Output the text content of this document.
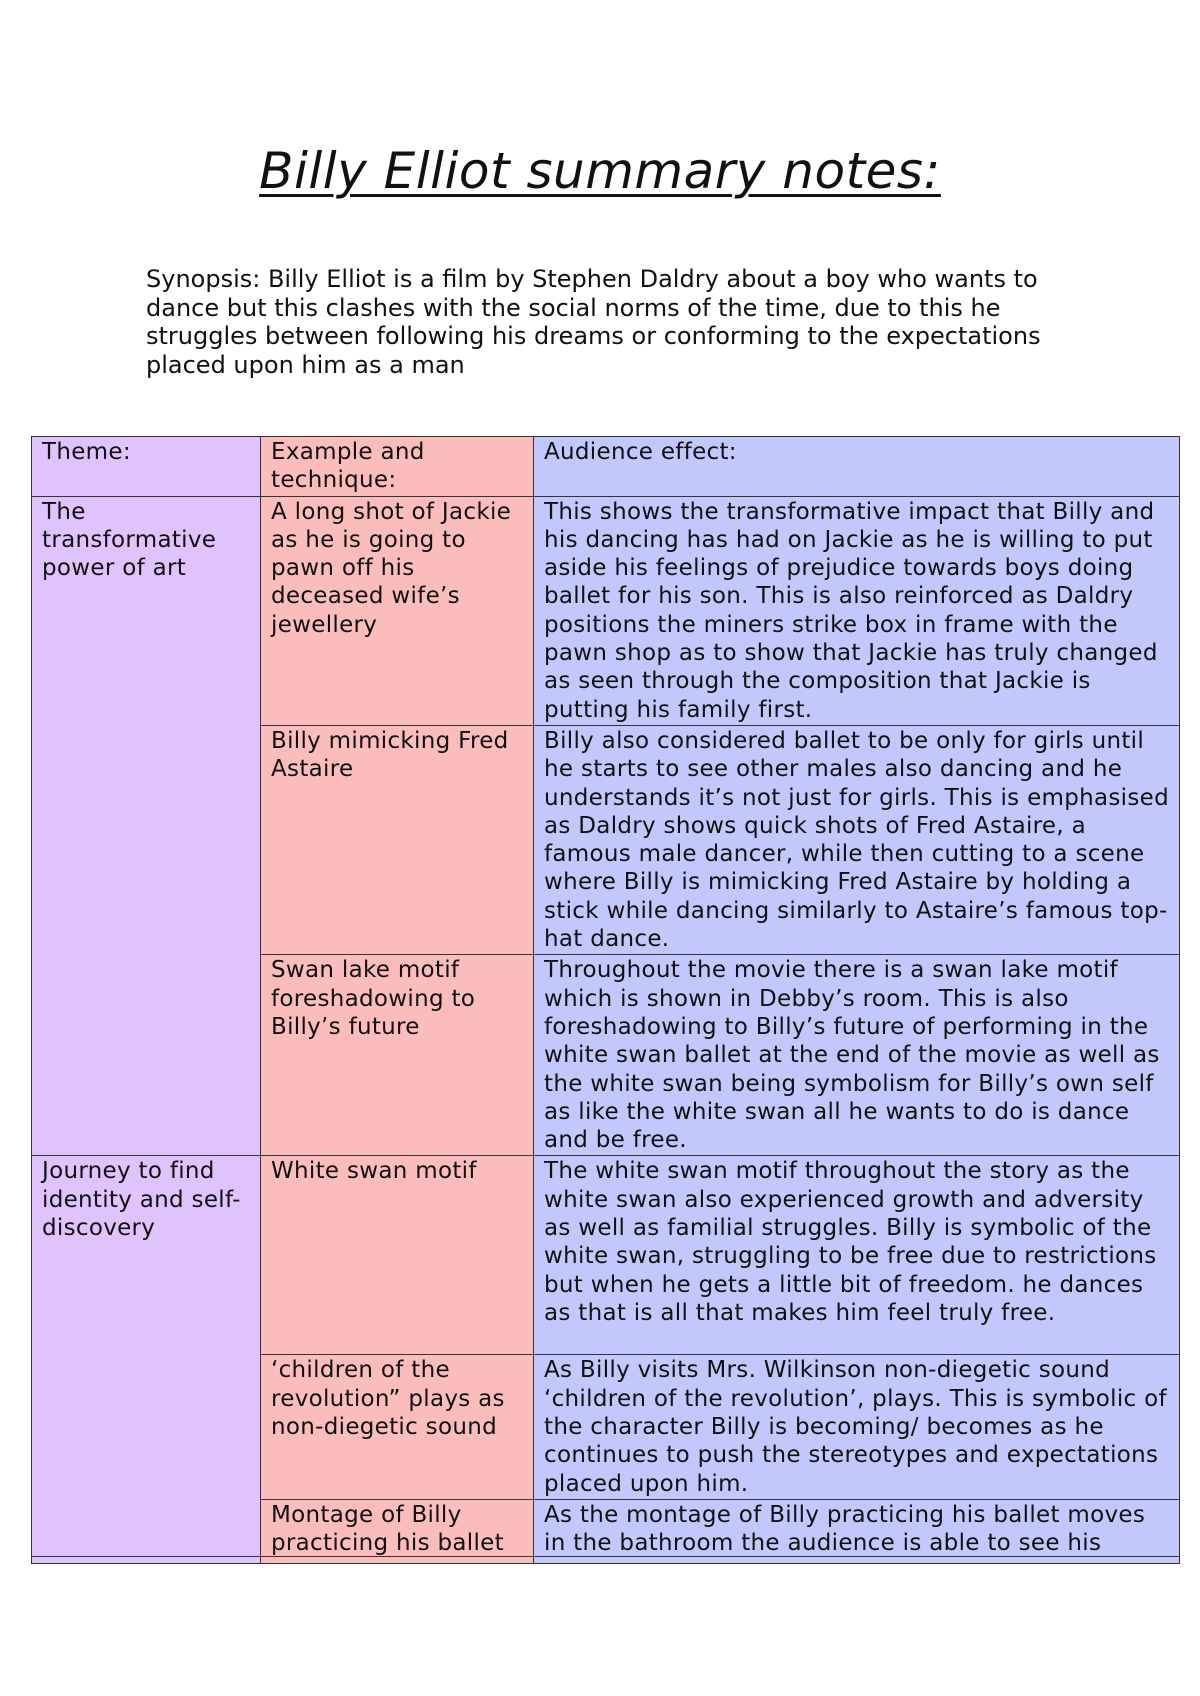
Billy Elliot summary notes:
Synopsis: Billy Elliot is a film by Stephen Daldry about a boy who wants to dance but this clashes with the social norms of the time, due to this he struggles between following his dreams or conforming to the expectations placed upon him as a man
Theme:	Example and technique:	Audience effect:
The transformative power of art	A long shot of Jackie as he is going to pawn off his deceased wife’s jewellery	This shows the transformative impact that Billy and his dancing has had on Jackie as he is willing to put aside his feelings of prejudice towards boys doing ballet for his son. This is also reinforced as Daldry positions the miners strike box in frame with the pawn shop as to show that Jackie has truly changed as seen through the composition that Jackie is putting his family first.
	Billy mimicking Fred Astaire	Billy also considered ballet to be only for girls until he starts to see other males also dancing and he understands it’s not just for girls. This is emphasised as Daldry shows quick shots of Fred Astaire, a famous male dancer, while then cutting to a scene where Billy is mimicking Fred Astaire by holding a stick while dancing similarly to Astaire’s famous top-hat dance.
	Swan lake motif foreshadowing to Billy’s future	Throughout the movie there is a swan lake motif which is shown in Debby’s room. This is also foreshadowing to Billy’s future of performing in the white swan ballet at the end of the movie as well as the white swan being symbolism for Billy’s own self as like the white swan all he wants to do is dance and be free.
Journey to find identity and self-discovery	White swan motif	The white swan motif throughout the story as the white swan also experienced growth and adversity as well as familial struggles. Billy is symbolic of the white swan, struggling to be free due to restrictions but when he gets a little bit of freedom. he dances as that is all that makes him feel truly free.
	‘children of the revolution” plays as non-diegetic sound	As Billy visits Mrs. Wilkinson non-diegetic sound ‘children of the revolution’, plays. This is symbolic of the character Billy is becoming/ becomes as he continues to push the stereotypes and expectations placed upon him.
	Montage of Billy practicing his ballet	As the montage of Billy practicing his ballet moves in the bathroom the audience is able to see his
